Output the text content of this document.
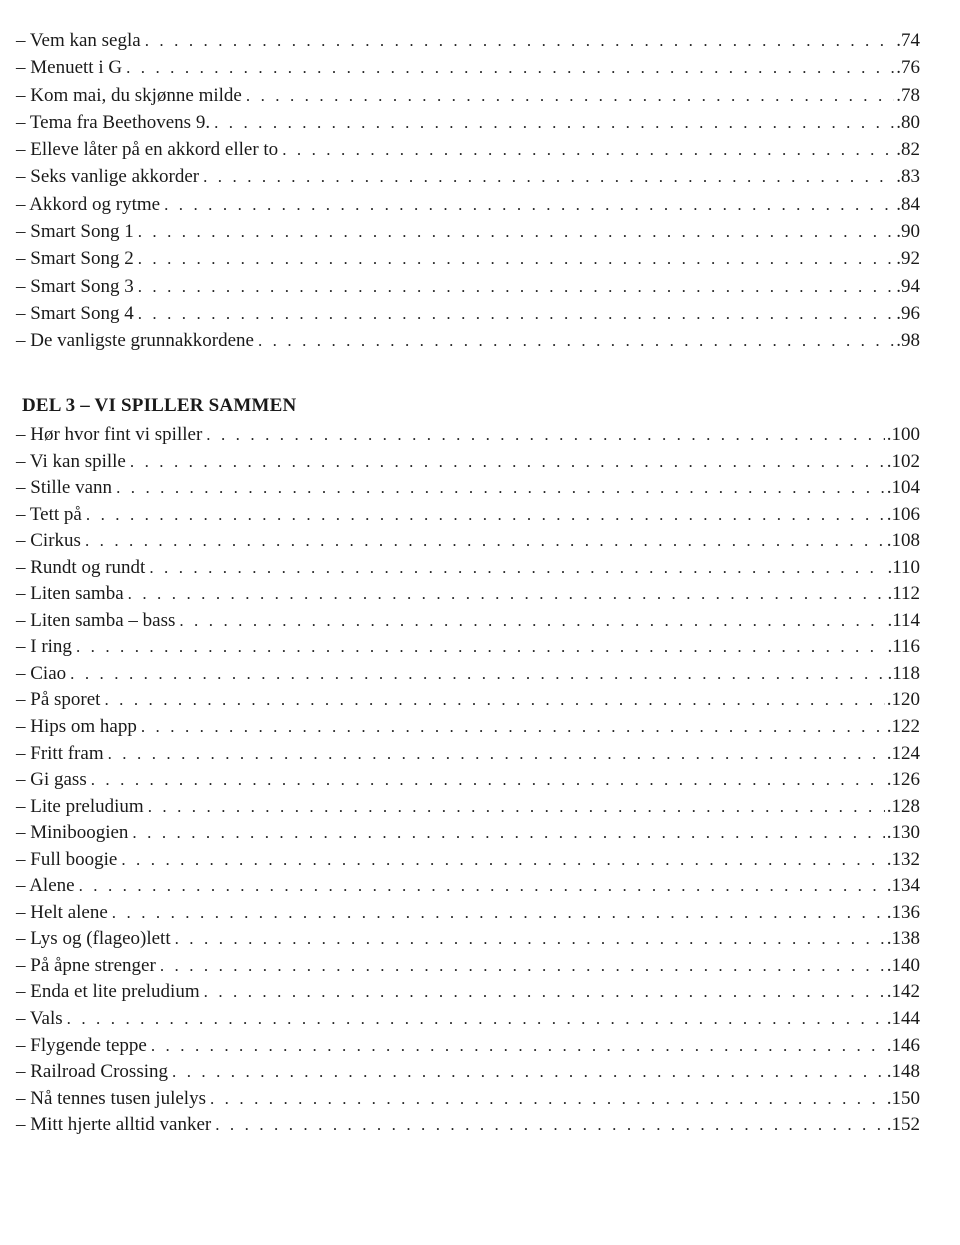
– Vem kan segla . . .	.74
– Menuett i G . . .	.76
– Kom mai, du skjønne milde . . .	.78
– Tema fra Beethovens 9. . . .	.80
– Elleve låter på en akkord eller to . . .	.82
– Seks vanlige akkorder . . .	.83
– Akkord og rytme . . .	.84
– Smart Song 1 . . .	.90
– Smart Song 2 . . .	.92
– Smart Song 3 . . .	.94
– Smart Song 4 . . .	.96
– De vanligste grunnakkordene . . .	.98
DEL 3 – VI SPILLER SAMMEN
– Hør hvor fint vi spiller . . .	.100
– Vi kan spille . . .	.102
– Stille vann . . .	.104
– Tett på . . .	.106
– Cirkus . . .	.108
– Rundt og rundt . . .	.110
– Liten samba . . .	.112
– Liten samba – bass . . .	.114
– I ring . . .	.116
– Ciao . . .	.118
– På sporet . . .	.120
– Hips om happ . . .	.122
– Fritt fram . . .	.124
– Gi gass . . .	.126
– Lite preludium . . .	.128
– Miniboogien . . .	.130
– Full boogie . . .	.132
– Alene . . .	.134
– Helt alene . . .	.136
– Lys og (flageo)lett . . .	.138
– På åpne strenger . . .	.140
– Enda et lite preludium . . .	.142
– Vals . . .	.144
– Flygende teppe . . .	.146
– Railroad Crossing . . .	.148
– Nå tennes tusen julelys . . .	.150
– Mitt hjerte alltid vanker . . .	.152
